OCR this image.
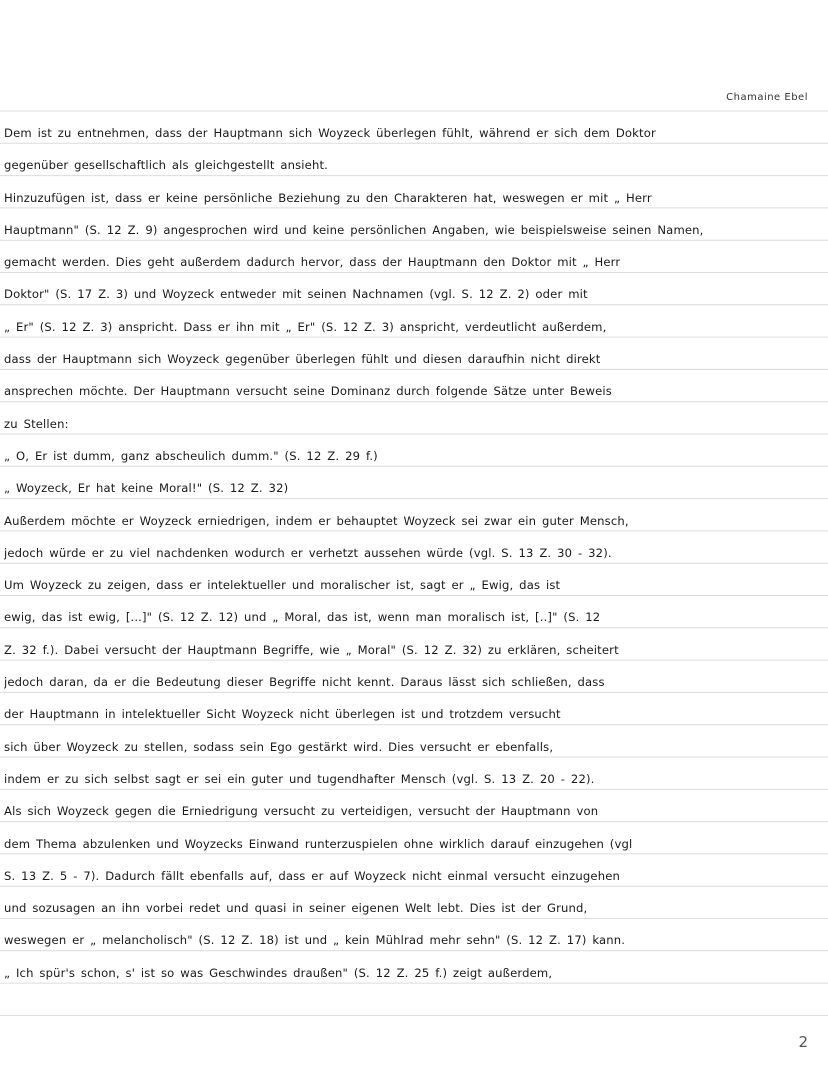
Chamaine Ebel
Dem ist zu entnehmen, dass der Hauptmann sich Woyzeck überlegen fühlt, während er sich dem Doktor
gegenüber gesellschaftlich als gleichgestellt ansieht.
Hinzuzufügen ist, dass er keine persönliche Beziehung zu den Charakteren hat, weswegen er mit „ Herr
Hauptmann" (S. 12 Z. 9) angesprochen wird und keine persönlichen Angaben, wie beispielsweise seinen Namen,
gemacht werden. Dies geht außerdem dadurch hervor, dass der Hauptmann den Doktor mit „ Herr
Doktor" (S. 17 Z. 3) und Woyzeck entweder mit seinen Nachnamen (vgl. S. 12 Z. 2) oder mit
„ Er" (S. 12 Z. 3) anspricht. Dass er ihn mit „ Er" (S. 12 Z. 3) anspricht, verdeutlicht außerdem,
dass der Hauptmann sich Woyzeck gegenüber überlegen fühlt und diesen daraufhin nicht direkt
ansprechen möchte. Der Hauptmann versucht seine Dominanz durch folgende Sätze unter Beweis
zu Stellen:
„ O, Er ist dumm, ganz abscheulich dumm." (S. 12 Z. 29 f.)
„ Woyzeck, Er hat keine Moral!" (S. 12 Z. 32)
Außerdem möchte er Woyzeck erniedrigen, indem er behauptet Woyzeck sei zwar ein guter Mensch,
jedoch würde er zu viel nachdenken wodurch er verhetzt aussehen würde (vgl. S. 13 Z. 30 - 32).
Um Woyzeck zu zeigen, dass er intelektueller und moralischer ist, sagt er „ Ewig, das ist
ewig, das ist ewig, [...]" (S. 12 Z. 12) und „ Moral, das ist, wenn man moralisch ist, [..]" (S. 12
Z. 32 f.). Dabei versucht der Hauptmann Begriffe, wie „ Moral" (S. 12 Z. 32) zu erklären, scheitert
jedoch daran, da er die Bedeutung dieser Begriffe nicht kennt. Daraus lässt sich schließen, dass
der Hauptmann in intelektueller Sicht Woyzeck nicht überlegen ist und trotzdem versucht
sich über Woyzeck zu stellen, sodass sein Ego gestärkt wird. Dies versucht er ebenfalls,
indem er zu sich selbst sagt er sei ein guter und tugendhafter Mensch (vgl. S. 13 Z. 20 - 22).
Als sich Woyzeck gegen die Erniedrigung versucht zu verteidigen, versucht der Hauptmann von
dem Thema abzulenken und Woyzecks Einwand runterzuspielen ohne wirklich darauf einzugehen (vgl
S. 13 Z. 5 - 7). Dadurch fällt ebenfalls auf, dass er auf Woyzeck nicht einmal versucht einzugehen
und sozusagen an ihn vorbei redet und quasi in seiner eigenen Welt lebt. Dies ist der Grund,
weswegen er „ melancholisch" (S. 12 Z. 18) ist und „ kein Mühlrad mehr sehn" (S. 12 Z. 17) kann.
„ Ich spür's schon, s' ist so was Geschwindes draußen" (S. 12 Z. 25 f.) zeigt außerdem,
2
